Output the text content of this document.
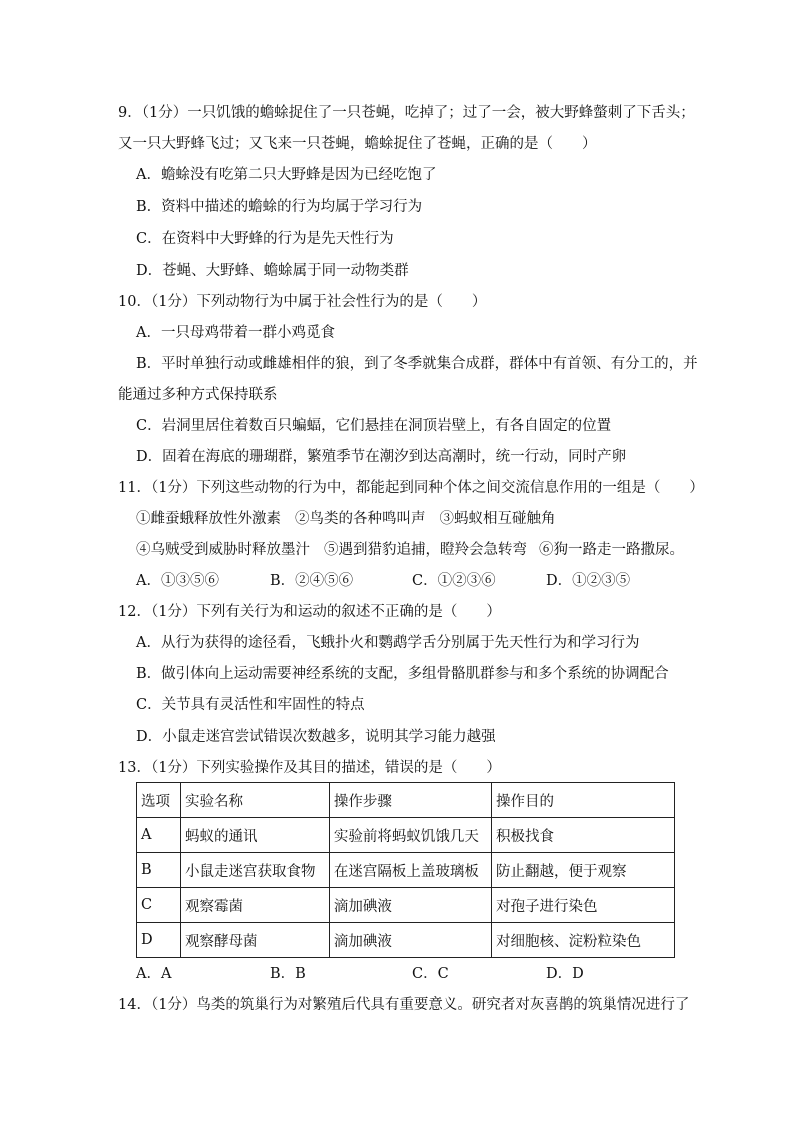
9．（1分）一只饥饿的蟾蜍捉住了一只苍蝇，吃掉了；过了一会，被大野蜂螫刺了下舌头；
又一只大野蜂飞过；又飞来一只苍蝇，蟾蜍捉住了苍蝇，正确的是（　　）
A．蟾蜍没有吃第二只大野蜂是因为已经吃饱了
B．资料中描述的蟾蜍的行为均属于学习行为
C．在资料中大野蜂的行为是先天性行为
D．苍蝇、大野蜂、蟾蜍属于同一动物类群
10．（1分）下列动物行为中属于社会性行为的是（　　）
A．一只母鸡带着一群小鸡觅食
B．平时单独行动或雌雄相伴的狼，到了冬季就集合成群，群体中有首领、有分工的，并
能通过多种方式保持联系
C．岩洞里居住着数百只蝙蝠，它们悬挂在洞顶岩壁上，有各自固定的位置
D．固着在海底的珊瑚群，繁殖季节在潮汐到达高潮时，统一行动，同时产卵
11．（1分）下列这些动物的行为中，都能起到同种个体之间交流信息作用的一组是（　　）
①雌蚕蛾释放性外激素 ②鸟类的各种鸣叫声 ③蚂蚁相互碰触角
④乌贼受到威胁时释放墨汁 ⑤遇到猎豹追捕，瞪羚会急转弯 ⑥狗一路走一路撒尿。
A．①③⑤⑥	B．②④⑤⑥	C．①②③⑥	D．①②③⑤
12．（1分）下列有关行为和运动的叙述不正确的是（　　）
A．从行为获得的途径看，飞蛾扑火和鹦鹉学舌分别属于先天性行为和学习行为
B．做引体向上运动需要神经系统的支配，多组骨骼肌群参与和多个系统的协调配合
C．关节具有灵活性和牢固性的特点
D．小鼠走迷宫尝试错误次数越多，说明其学习能力越强
13．（1分）下列实验操作及其目的描述，错误的是（　　）
选项	实验名称	操作步骤	操作目的
A	蚂蚁的通讯	实验前将蚂蚁饥饿几天	积极找食
B	小鼠走迷宫获取食物	在迷宫隔板上盖玻璃板	防止翻越，便于观察
C	观察霉菌	滴加碘液	对孢子进行染色
D	观察酵母菌	滴加碘液	对细胞核、淀粉粒染色
A．A	B．B	C．C	D．D
14．（1分）鸟类的筑巢行为对繁殖后代具有重要意义。研究者对灰喜鹊的筑巢情况进行了
